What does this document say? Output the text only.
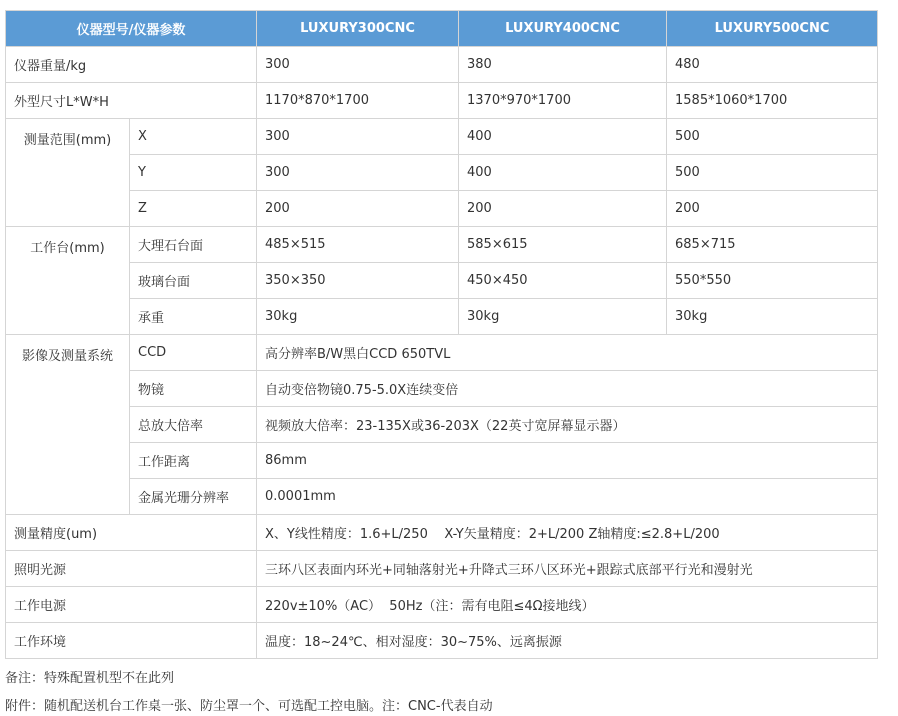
仪器型号/仪器参数		LUXURY300CNC	LUXURY400CNC	LUXURY500CNC
仪器重量/kg		300	380	480
外型尺寸L*W*H		1170*870*1700	1370*970*1700	1585*1060*1700
测量范围(mm)	X	300	400	500
	Y	300	400	500
	Z	200	200	200
工作台(mm)	大理石台面	485×515	585×615	685×715
	玻璃台面	350×350	450×450	550*550
	承重	30kg	30kg	30kg
影像及测量系统	CCD	高分辨率B/W黑白CCD 650TVL		
	物镜	自动变倍物镜0.75-5.0X连续变倍		
	总放大倍率	视频放大倍率：23-135X或36-203X（22英寸宽屏幕显示器）		
	工作距离	86mm		
	金属光珊分辨率	0.0001mm		
测量精度(um)		X、Y线性精度：1.6+L/250    X-Y矢量精度：2+L/200 Z轴精度:≤2.8+L/200		
照明光源		三环八区表面内环光+同轴落射光+升降式三环八区环光+跟踪式底部平行光和漫射光		
工作电源		220v±10%（AC）  50Hz（注：需有电阻≤4Ω接地线）		
工作环境		温度：18~24℃、相对湿度：30~75%、远离振源		
备注：特殊配置机型不在此列
附件：随机配送机台工作桌一张、防尘罩一个、可选配工控电脑。注：CNC-代表自动
